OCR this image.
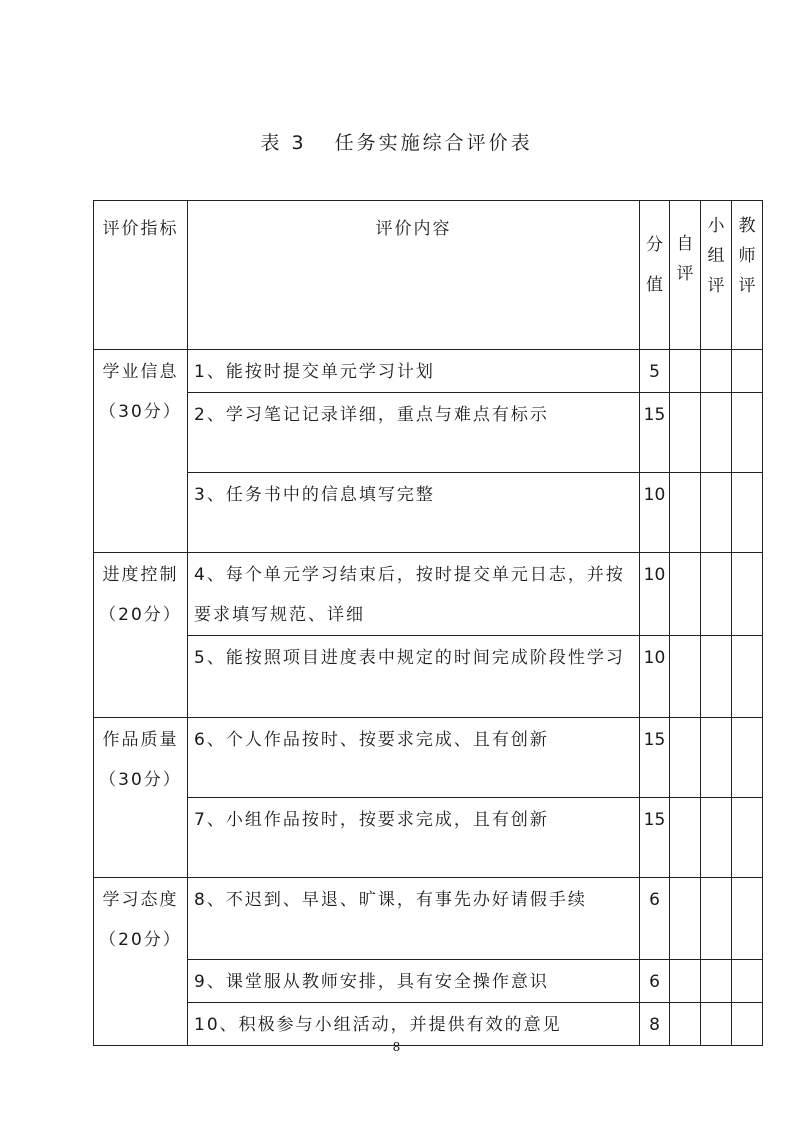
表 3 任务实施综合评价表
评价指标	评价内容	分值	自评	小组评	教师评
学业信息（30分）	1、能按时提交单元学习计划	5			
	2、学习笔记记录详细，重点与难点有标示	15			
	3、任务书中的信息填写完整	10			
进度控制（20分）	4、每个单元学习结束后，按时提交单元日志，并按要求填写规范、详细	10			
	5、能按照项目进度表中规定的时间完成阶段性学习	10			
作品质量（30分）	6、个人作品按时、按要求完成、且有创新	15			
	7、小组作品按时，按要求完成，且有创新	15			
学习态度（20分）	8、不迟到、早退、旷课，有事先办好请假手续	6			
	9、课堂服从教师安排，具有安全操作意识	6			
	10、积极参与小组活动，并提供有效的意见	8			
8
